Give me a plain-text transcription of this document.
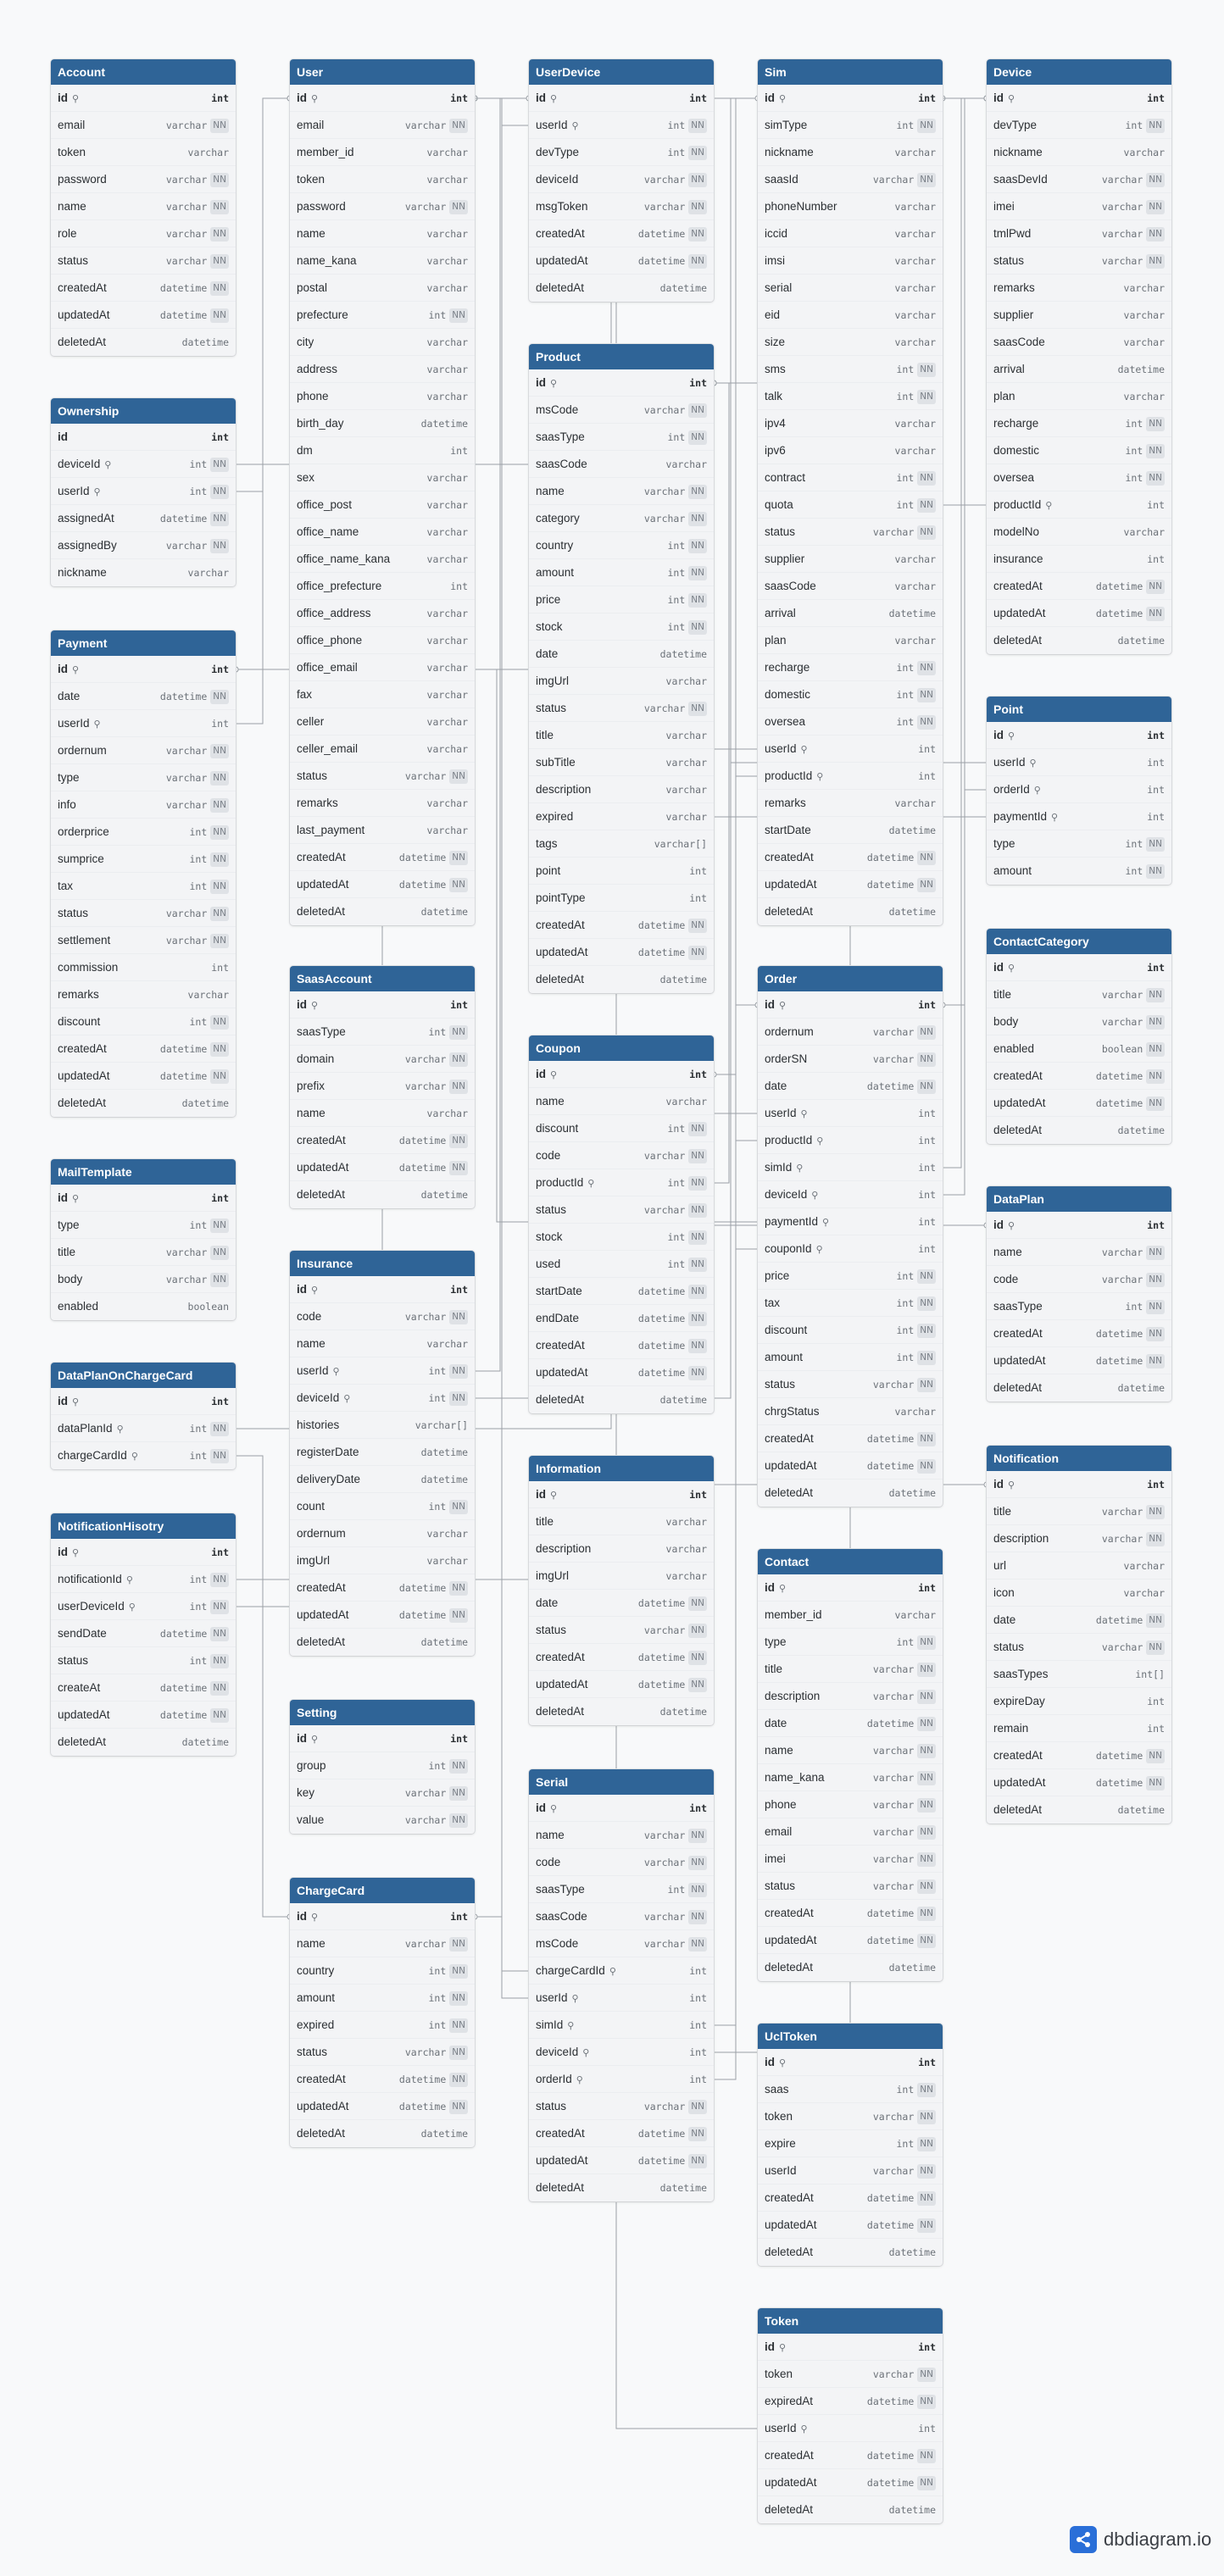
Account
id ⚲	int
email	varchar NN
token	varchar
password	varchar NN
name	varchar NN
role	varchar NN
status	varchar NN
createdAt	datetime NN
updatedAt	datetime NN
deletedAt	datetime
Ownership
id	int
deviceId ⚲	int NN
userId ⚲	int NN
assignedAt	datetime NN
assignedBy	varchar NN
nickname	varchar
Payment
id ⚲	int
date	datetime NN
userId ⚲	int
ordernum	varchar NN
type	varchar NN
info	varchar NN
orderprice	int NN
sumprice	int NN
tax	int NN
status	varchar NN
settlement	varchar NN
commission	int
remarks	varchar
discount	int NN
createdAt	datetime NN
updatedAt	datetime NN
deletedAt	datetime
MailTemplate
id ⚲	int
type	int NN
title	varchar NN
body	varchar NN
enabled	boolean
DataPlanOnChargeCard
id ⚲	int
dataPlanId ⚲	int NN
chargeCardId ⚲	int NN
NotificationHisotry
id ⚲	int
notificationId ⚲	int NN
userDeviceId ⚲	int NN
sendDate	datetime NN
status	int NN
createAt	datetime NN
updatedAt	datetime NN
deletedAt	datetime
User
id ⚲	int
email	varchar NN
member_id	varchar
token	varchar
password	varchar NN
name	varchar
name_kana	varchar
postal	varchar
prefecture	int NN
city	varchar
address	varchar
phone	varchar
birth_day	datetime
dm	int
sex	varchar
office_post	varchar
office_name	varchar
office_name_kana	varchar
office_prefecture	int
office_address	varchar
office_phone	varchar
office_email	varchar
fax	varchar
celler	varchar
celler_email	varchar
status	varchar NN
remarks	varchar
last_payment	varchar
createdAt	datetime NN
updatedAt	datetime NN
deletedAt	datetime
SaasAccount
id ⚲	int
saasType	int NN
domain	varchar NN
prefix	varchar NN
name	varchar
createdAt	datetime NN
updatedAt	datetime NN
deletedAt	datetime
Insurance
id ⚲	int
code	varchar NN
name	varchar
userId ⚲	int NN
deviceId ⚲	int NN
histories	varchar[]
registerDate	datetime
deliveryDate	datetime
count	int NN
ordernum	varchar
imgUrl	varchar
createdAt	datetime NN
updatedAt	datetime NN
deletedAt	datetime
Setting
id ⚲	int
group	int NN
key	varchar NN
value	varchar NN
ChargeCard
id ⚲	int
name	varchar NN
country	int NN
amount	int NN
expired	int NN
status	varchar NN
createdAt	datetime NN
updatedAt	datetime NN
deletedAt	datetime
UserDevice
id ⚲	int
userId ⚲	int NN
devType	int NN
deviceId	varchar NN
msgToken	varchar NN
createdAt	datetime NN
updatedAt	datetime NN
deletedAt	datetime
Product
id ⚲	int
msCode	varchar NN
saasType	int NN
saasCode	varchar
name	varchar NN
category	varchar NN
country	int NN
amount	int NN
price	int NN
stock	int NN
date	datetime
imgUrl	varchar
status	varchar NN
title	varchar
subTitle	varchar
description	varchar
expired	varchar
tags	varchar[]
point	int
pointType	int
createdAt	datetime NN
updatedAt	datetime NN
deletedAt	datetime
Coupon
id ⚲	int
name	varchar
discount	int NN
code	varchar NN
productId ⚲	int NN
status	varchar NN
stock	int NN
used	int NN
startDate	datetime NN
endDate	datetime NN
createdAt	datetime NN
updatedAt	datetime NN
deletedAt	datetime
Information
id ⚲	int
title	varchar
description	varchar
imgUrl	varchar
date	datetime NN
status	varchar NN
createdAt	datetime NN
updatedAt	datetime NN
deletedAt	datetime
Serial
id ⚲	int
name	varchar NN
code	varchar NN
saasType	int NN
saasCode	varchar NN
msCode	varchar NN
chargeCardId ⚲	int
userId ⚲	int
simId ⚲	int
deviceId ⚲	int
orderId ⚲	int
status	varchar NN
createdAt	datetime NN
updatedAt	datetime NN
deletedAt	datetime
Sim
id ⚲	int
simType	int NN
nickname	varchar
saasId	varchar NN
phoneNumber	varchar
iccid	varchar
imsi	varchar
serial	varchar
eid	varchar
size	varchar
sms	int NN
talk	int NN
ipv4	varchar
ipv6	varchar
contract	int NN
quota	int NN
status	varchar NN
supplier	varchar
saasCode	varchar
arrival	datetime
plan	varchar
recharge	int NN
domestic	int NN
oversea	int NN
userId ⚲	int
productId ⚲	int
remarks	varchar
startDate	datetime
createdAt	datetime NN
updatedAt	datetime NN
deletedAt	datetime
Order
id ⚲	int
ordernum	varchar NN
orderSN	varchar NN
date	datetime NN
userId ⚲	int
productId ⚲	int
simId ⚲	int
deviceId ⚲	int
paymentId ⚲	int
couponId ⚲	int
price	int NN
tax	int NN
discount	int NN
amount	int NN
status	varchar NN
chrgStatus	varchar
createdAt	datetime NN
updatedAt	datetime NN
deletedAt	datetime
Contact
id ⚲	int
member_id	varchar
type	int NN
title	varchar NN
description	varchar NN
date	datetime NN
name	varchar NN
name_kana	varchar NN
phone	varchar NN
email	varchar NN
imei	varchar NN
status	varchar NN
createdAt	datetime NN
updatedAt	datetime NN
deletedAt	datetime
UclToken
id ⚲	int
saas	int NN
token	varchar NN
expire	int NN
userId	varchar NN
createdAt	datetime NN
updatedAt	datetime NN
deletedAt	datetime
Token
id ⚲	int
token	varchar NN
expiredAt	datetime NN
userId ⚲	int
createdAt	datetime NN
updatedAt	datetime NN
deletedAt	datetime
Device
id ⚲	int
devType	int NN
nickname	varchar
saasDevId	varchar NN
imei	varchar NN
tmlPwd	varchar NN
status	varchar NN
remarks	varchar
supplier	varchar
saasCode	varchar
arrival	datetime
plan	varchar
recharge	int NN
domestic	int NN
oversea	int NN
productId ⚲	int
modelNo	varchar
insurance	int
createdAt	datetime NN
updatedAt	datetime NN
deletedAt	datetime
Point
id ⚲	int
userId ⚲	int
orderId ⚲	int
paymentId ⚲	int
type	int NN
amount	int NN
ContactCategory
id ⚲	int
title	varchar NN
body	varchar NN
enabled	boolean NN
createdAt	datetime NN
updatedAt	datetime NN
deletedAt	datetime
DataPlan
id ⚲	int
name	varchar NN
code	varchar NN
saasType	int NN
createdAt	datetime NN
updatedAt	datetime NN
deletedAt	datetime
Notification
id ⚲	int
title	varchar NN
description	varchar NN
url	varchar
icon	varchar
date	datetime NN
status	varchar NN
saasTypes	int[]
expireDay	int
remain	int
createdAt	datetime NN
updatedAt	datetime NN
deletedAt	datetime
dbdiagram.io
